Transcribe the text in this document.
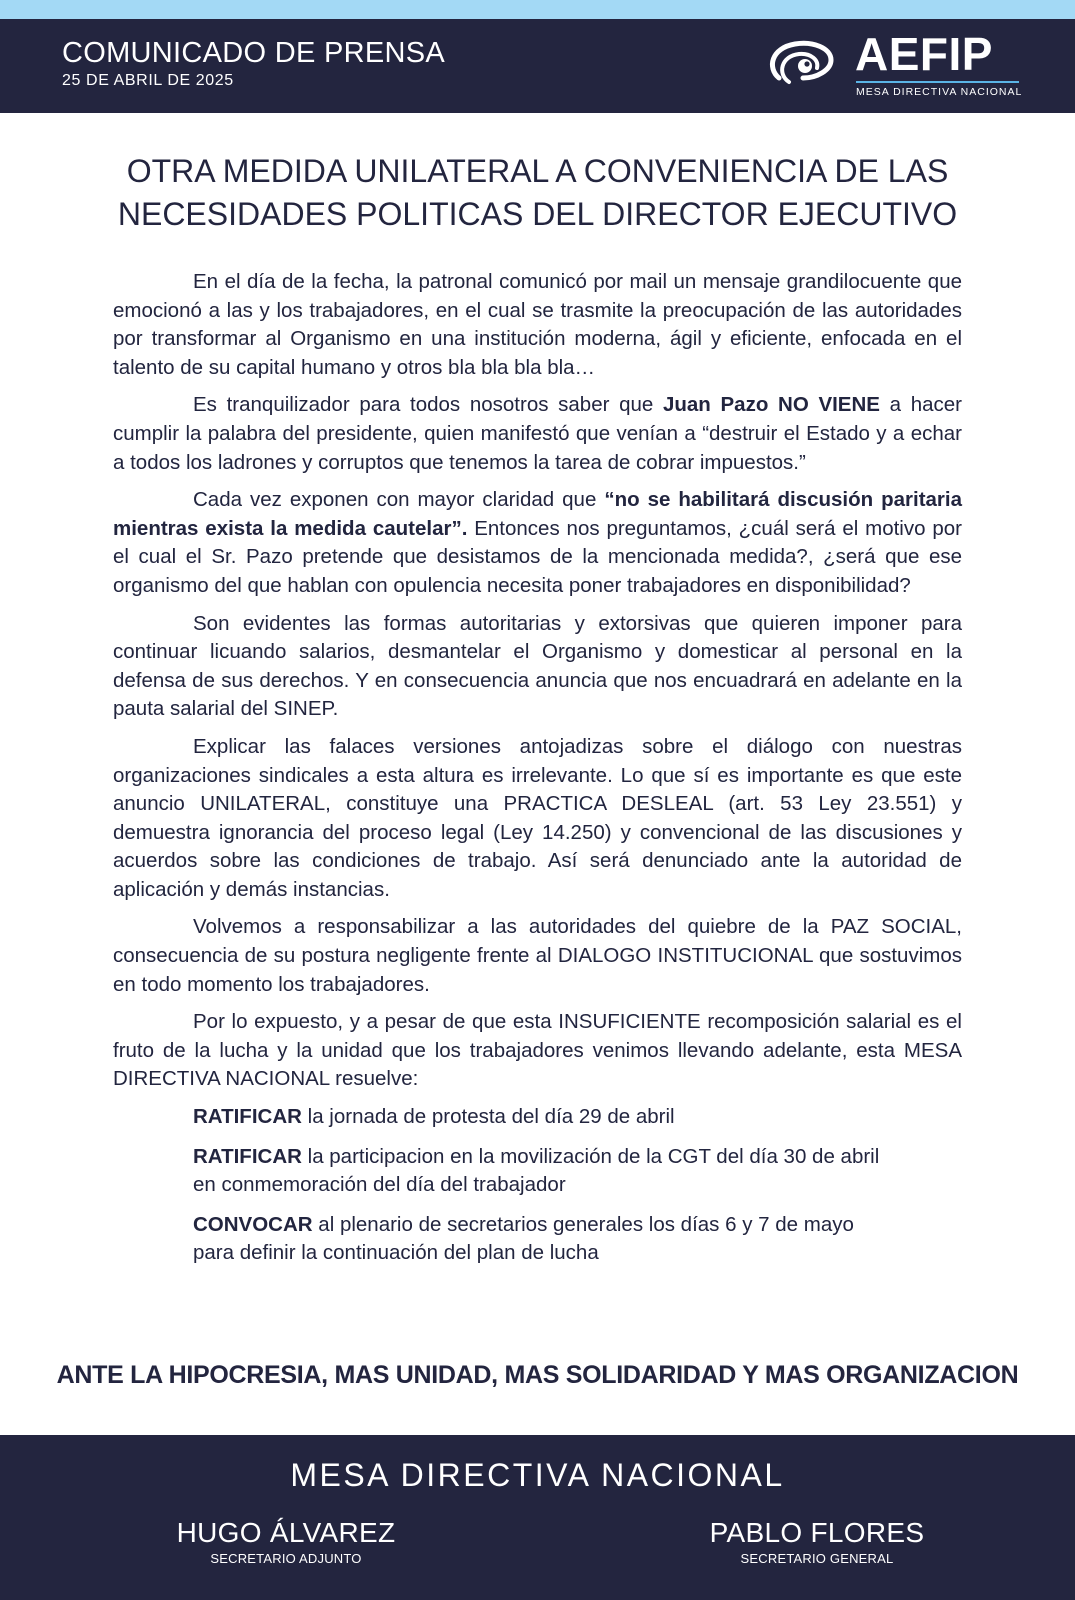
COMUNICADO DE PRENSA
25 DE ABRIL DE 2025
AEFIP
MESA DIRECTIVA NACIONAL
OTRA MEDIDA UNILATERAL A CONVENIENCIA DE LAS
NECESIDADES POLITICAS DEL DIRECTOR EJECUTIVO

En el día de la fecha, la patronal comunicó por mail un mensaje grandilocuente que emocionó a las y los trabajadores, en el cual se trasmite la preocupación de las autoridades por transformar al Organismo en una institución moderna, ágil y eficiente, enfocada en el talento de su capital humano y otros bla bla bla bla…

Es tranquilizador para todos nosotros saber que Juan Pazo NO VIENE a hacer cumplir la palabra del presidente, quien manifestó que venían a “destruir el Estado y a echar a todos los ladrones y corruptos que tenemos la tarea de cobrar impuestos.”

Cada vez exponen con mayor claridad que “no se habilitará discusión paritaria mientras exista la medida cautelar”. Entonces nos preguntamos, ¿cuál será el motivo por el cual el Sr. Pazo pretende que desistamos de la mencionada medida?, ¿será que ese organismo del que hablan con opulencia necesita poner trabajadores en disponibilidad?

Son evidentes las formas autoritarias y extorsivas que quieren imponer para continuar licuando salarios, desmantelar el Organismo y domesticar al personal en la defensa de sus derechos. Y en consecuencia anuncia que nos encuadrará en adelante en la pauta salarial del SINEP.

Explicar las falaces versiones antojadizas sobre el diálogo con nuestras organizaciones sindicales a esta altura es irrelevante. Lo que sí es importante es que este anuncio UNILATERAL, constituye una PRACTICA DESLEAL (art. 53 Ley 23.551) y demuestra ignorancia del proceso legal (Ley 14.250) y convencional de las discusiones y acuerdos sobre las condiciones de trabajo. Así será denunciado ante la autoridad de aplicación y demás instancias.

Volvemos a responsabilizar a las autoridades del quiebre de la PAZ SOCIAL, consecuencia de su postura negligente frente al DIALOGO INSTITUCIONAL que sostuvimos en todo momento los trabajadores.

Por lo expuesto, y a pesar de que esta INSUFICIENTE recomposición salarial es el fruto de la lucha y la unidad que los trabajadores venimos llevando adelante, esta MESA DIRECTIVA NACIONAL resuelve:

RATIFICAR la jornada de protesta del día 29 de abril
RATIFICAR la participacion en la movilización de la CGT del día 30 de abril
en conmemoración del día del trabajador
CONVOCAR al plenario de secretarios generales los días 6 y 7 de mayo
para definir la continuación del plan de lucha
ANTE LA HIPOCRESIA, MAS UNIDAD, MAS SOLIDARIDAD Y MAS ORGANIZACION
MESA DIRECTIVA NACIONAL
HUGO ÁLVAREZ
SECRETARIO ADJUNTO
PABLO FLORES
SECRETARIO GENERAL
